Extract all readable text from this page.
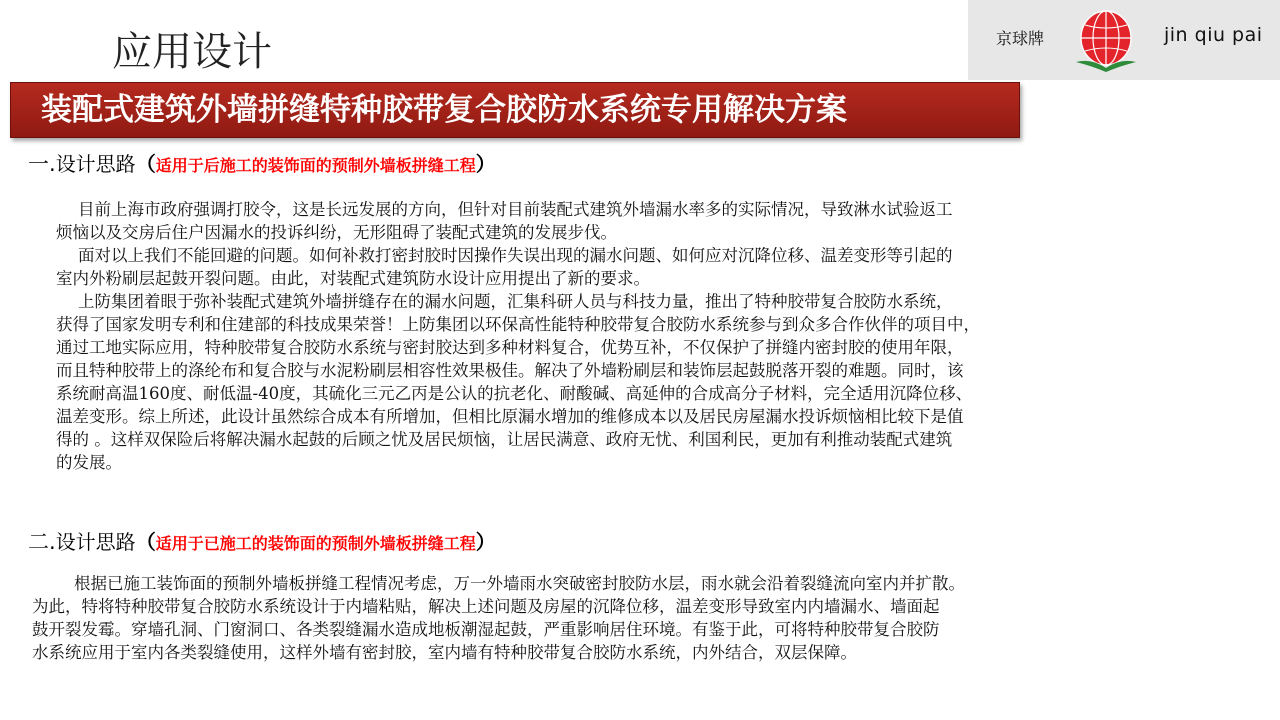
应用设计	京球牌	jin qiu pai
装配式建筑外墙拼缝特种胶带复合胶防水系统专用解决方案
一.设计思路（适用于后施工的装饰面的预制外墙板拼缝工程）
目前上海市政府强调打胶令，这是长远发展的方向，但针对目前装配式建筑外墙漏水率多的实际情况，导致淋水试验返工
烦恼以及交房后住户因漏水的投诉纠纷，无形阻碍了装配式建筑的发展步伐。
面对以上我们不能回避的问题。如何补救打密封胶时因操作失误出现的漏水问题、如何应对沉降位移、温差变形等引起的
室内外粉刷层起鼓开裂问题。由此，对装配式建筑防水设计应用提出了新的要求。
上防集团着眼于弥补装配式建筑外墙拼缝存在的漏水问题，汇集科研人员与科技力量，推出了特种胶带复合胶防水系统，
获得了国家发明专利和住建部的科技成果荣誉！上防集团以环保高性能特种胶带复合胶防水系统参与到众多合作伙伴的项目中，
通过工地实际应用，特种胶带复合胶防水系统与密封胶达到多种材料复合，优势互补，不仅保护了拼缝内密封胶的使用年限，
而且特种胶带上的涤纶布和复合胶与水泥粉刷层相容性效果极佳。解决了外墙粉刷层和装饰层起鼓脱落开裂的难题。同时，该
系统耐高温160度、耐低温-40度，其硫化三元乙丙是公认的抗老化、耐酸碱、高延伸的合成高分子材料，完全适用沉降位移、
温差变形。综上所述，此设计虽然综合成本有所增加，但相比原漏水增加的维修成本以及居民房屋漏水投诉烦恼相比较下是值
得的 。这样双保险后将解决漏水起鼓的后顾之忧及居民烦恼，让居民满意、政府无忧、利国利民，更加有利推动装配式建筑
的发展。
二.设计思路（适用于已施工的装饰面的预制外墙板拼缝工程）
根据已施工装饰面的预制外墙板拼缝工程情况考虑，万一外墙雨水突破密封胶防水层，雨水就会沿着裂缝流向室内并扩散。
为此，特将特种胶带复合胶防水系统设计于内墙粘贴，解决上述问题及房屋的沉降位移，温差变形导致室内内墙漏水、墙面起
鼓开裂发霉。穿墙孔洞、门窗洞口、各类裂缝漏水造成地板潮湿起鼓，严重影响居住环境。有鉴于此，可将特种胶带复合胶防
水系统应用于室内各类裂缝使用，这样外墙有密封胶，室内墙有特种胶带复合胶防水系统，内外结合，双层保障。
